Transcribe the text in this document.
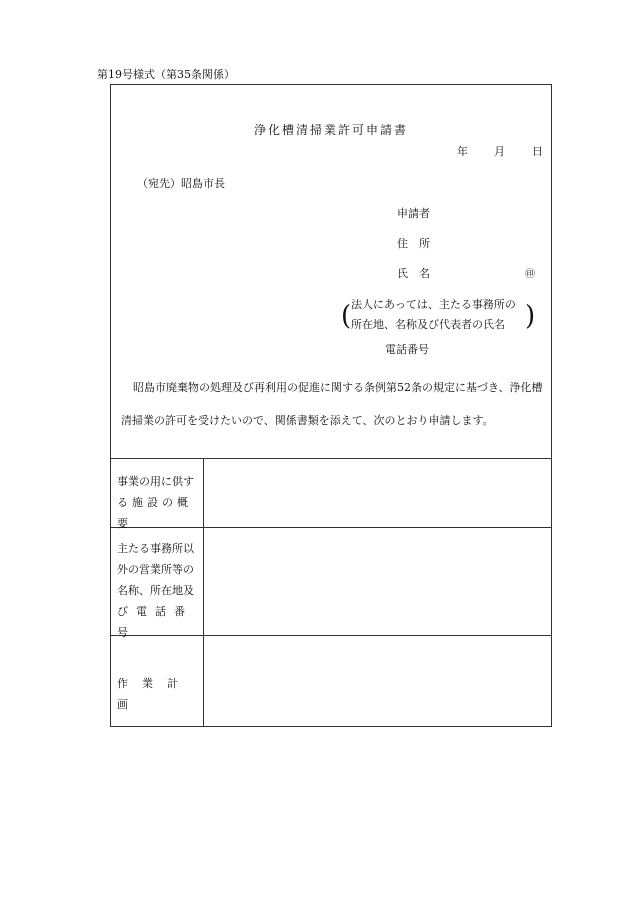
第19号様式（第35条関係）
浄化槽清掃業許可申請書
年 月 日
（宛先）昭島市長
申請者
住　所
氏　名	㊞
( 法人にあっては、主たる事務所の
所在地、名称及び代表者の氏名 )
電話番号
昭島市廃棄物の処理及び再利用の促進に関する条例第52条の規定に基づき、浄化槽清掃業の許可を受けたいので、関係書類を添えて、次のとおり申請します。
事業の用に供す
る施設の概要
主たる事務所以
外の営業所等の
名称、所在地及
び電話番号
作業計画
